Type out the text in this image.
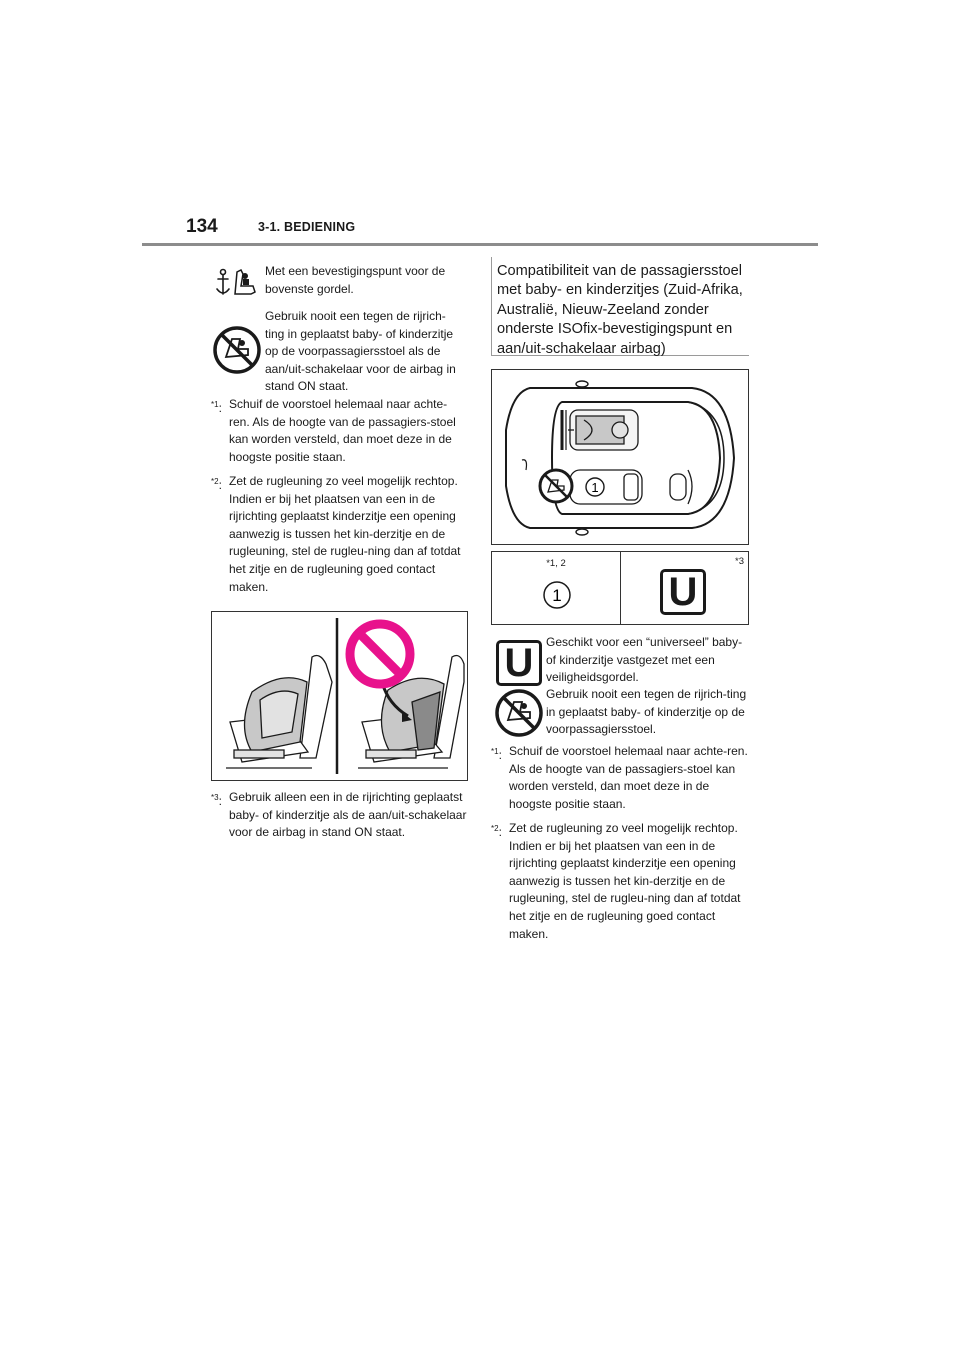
134	3-1. BEDIENING
Met een bevestigingspunt voor de bovenste gordel.
Gebruik nooit een tegen de rijrich-ting in geplaatst baby- of kinderzitje op de voorpassagiersstoel als de aan/uit-schakelaar voor de airbag in stand ON staat.
$^{*1}$: Schuif de voorstoel helemaal naar achte-ren. Als de hoogte van de passagiers-stoel kan worden versteld, dan moet deze in de hoogste positie staan.
$^{*2}$: Zet de rugleuning zo veel mogelijk rechtop. Indien er bij het plaatsen van een in de rijrichting geplaatst kinderzitje een opening aanwezig is tussen het kin-derzitje en de rugleuning, stel de rugleu-ning dan af totdat het zitje en de rugleuning goed contact maken.
$^{*3}$: Gebruik alleen een in de rijrichting geplaatst baby- of kinderzitje als de aan/uit-schakelaar voor de airbag in stand ON staat.
Compatibiliteit van de passagiersstoel met baby- en kinderzitjes (Zuid-Afrika, Australië, Nieuw-Zeeland zonder onderste ISOfix-bevestigingspunt en aan/uit-schakelaar airbag)
1
*1, 2	*3
1	U
U	Geschikt voor een “universeel” baby- of kinderzitje vastgezet met een veiligheidsgordel.
Gebruik nooit een tegen de rijrich-ting in geplaatst baby- of kinderzitje op de voorpassagiersstoel.
$^{*1}$: Schuif de voorstoel helemaal naar achte-ren. Als de hoogte van de passagiers-stoel kan worden versteld, dan moet deze in de hoogste positie staan.
$^{*2}$: Zet de rugleuning zo veel mogelijk rechtop. Indien er bij het plaatsen van een in de rijrichting geplaatst kinderzitje een opening aanwezig is tussen het kin-derzitje en de rugleuning, stel de rugleu-ning dan af totdat het zitje en de rugleuning goed contact maken.
